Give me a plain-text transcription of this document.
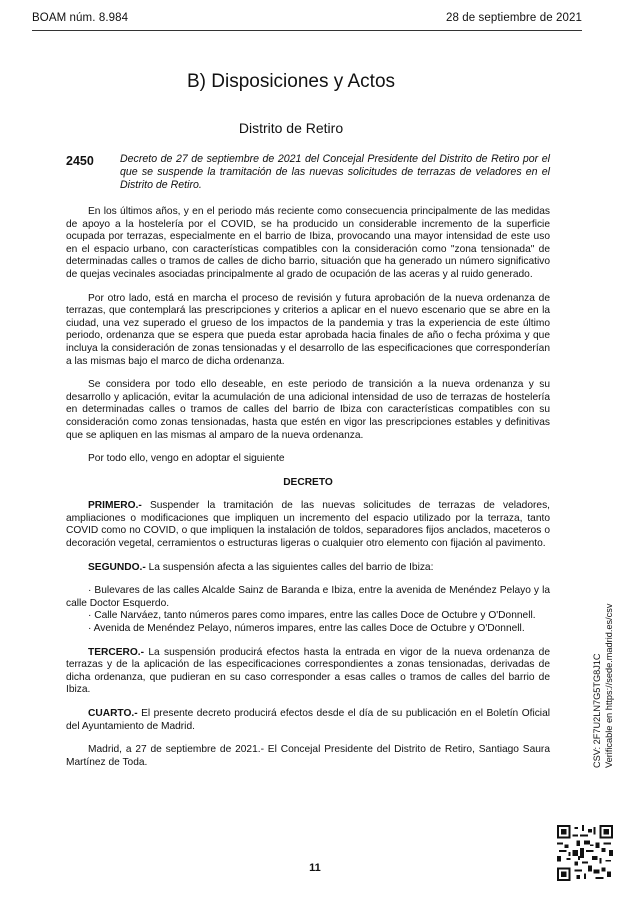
BOAM núm. 8.984	28 de septiembre de 2021
B) Disposiciones y Actos
Distrito de Retiro
2450 Decreto de 27 de septiembre de 2021 del Concejal Presidente del Distrito de Retiro por el que se suspende la tramitación de las nuevas solicitudes de terrazas de veladores en el Distrito de Retiro.

En los últimos años, y en el periodo más reciente como consecuencia principalmente de las medidas de apoyo a la hostelería por el COVID, se ha producido un considerable incremento de la superficie ocupada por terrazas, especialmente en el barrio de Ibiza, provocando una mayor intensidad de este uso en el espacio urbano, con características compatibles con la consideración como "zona tensionada" de determinadas calles o tramos de calles de dicho barrio, situación que ha generado un número significativo de quejas vecinales asociadas principalmente al grado de ocupación de las aceras y al ruido generado.

Por otro lado, está en marcha el proceso de revisión y futura aprobación de la nueva ordenanza de terrazas, que contemplará las prescripciones y criterios a aplicar en el nuevo escenario que se abre en la ciudad, una vez superado el grueso de los impactos de la pandemia y tras la experiencia de este último periodo, ordenanza que se espera que pueda estar aprobada hacia finales de año o fecha próxima y que incluya la consideración de zonas tensionadas y el desarrollo de las especificaciones que corresponderían a las mismas bajo el marco de dicha ordenanza.

Se considera por todo ello deseable, en este periodo de transición a la nueva ordenanza y su desarrollo y aplicación, evitar la acumulación de una adicional intensidad de uso de terrazas de hostelería en determinadas calles o tramos de calles del barrio de Ibiza con características compatibles con su consideración como zonas tensionadas, hasta que estén en vigor las prescripciones estables y definitivas que se apliquen en las mismas al amparo de la nueva ordenanza.

Por todo ello, vengo en adoptar el siguiente

DECRETO

PRIMERO.- Suspender la tramitación de las nuevas solicitudes de terrazas de veladores, ampliaciones o modificaciones que impliquen un incremento del espacio utilizado por la terraza, tanto COVID como no COVID, o que impliquen la instalación de toldos, separadores fijos anclados, maceteros o decoración vegetal, cerramientos o estructuras ligeras o cualquier otro elemento con fijación al pavimento.

SEGUNDO.- La suspensión afecta a las siguientes calles del barrio de Ibiza:

· Bulevares de las calles Alcalde Sainz de Baranda e Ibiza, entre la avenida de Menéndez Pelayo y la calle Doctor Esquerdo.

· Calle Narváez, tanto números pares como impares, entre las calles Doce de Octubre y O'Donnell.

· Avenida de Menéndez Pelayo, números impares, entre las calles Doce de Octubre y O'Donnell.

TERCERO.- La suspensión producirá efectos hasta la entrada en vigor de la nueva ordenanza de terrazas y de la aplicación de las especificaciones correspondientes a zonas tensionadas, derivadas de dicha ordenanza, que pudieran en su caso corresponder a esas calles o tramos de calles del barrio de Ibiza.

CUARTO.- El presente decreto producirá efectos desde el día de su publicación en el Boletín Oficial del Ayuntamiento de Madrid.

Madrid, a 27 de septiembre de 2021.- El Concejal Presidente del Distrito de Retiro, Santiago Saura Martínez de Toda.

11
CSV: 2F7U2LN7G5TG8J1C Verificable en https://sede.madrid.es/csv
